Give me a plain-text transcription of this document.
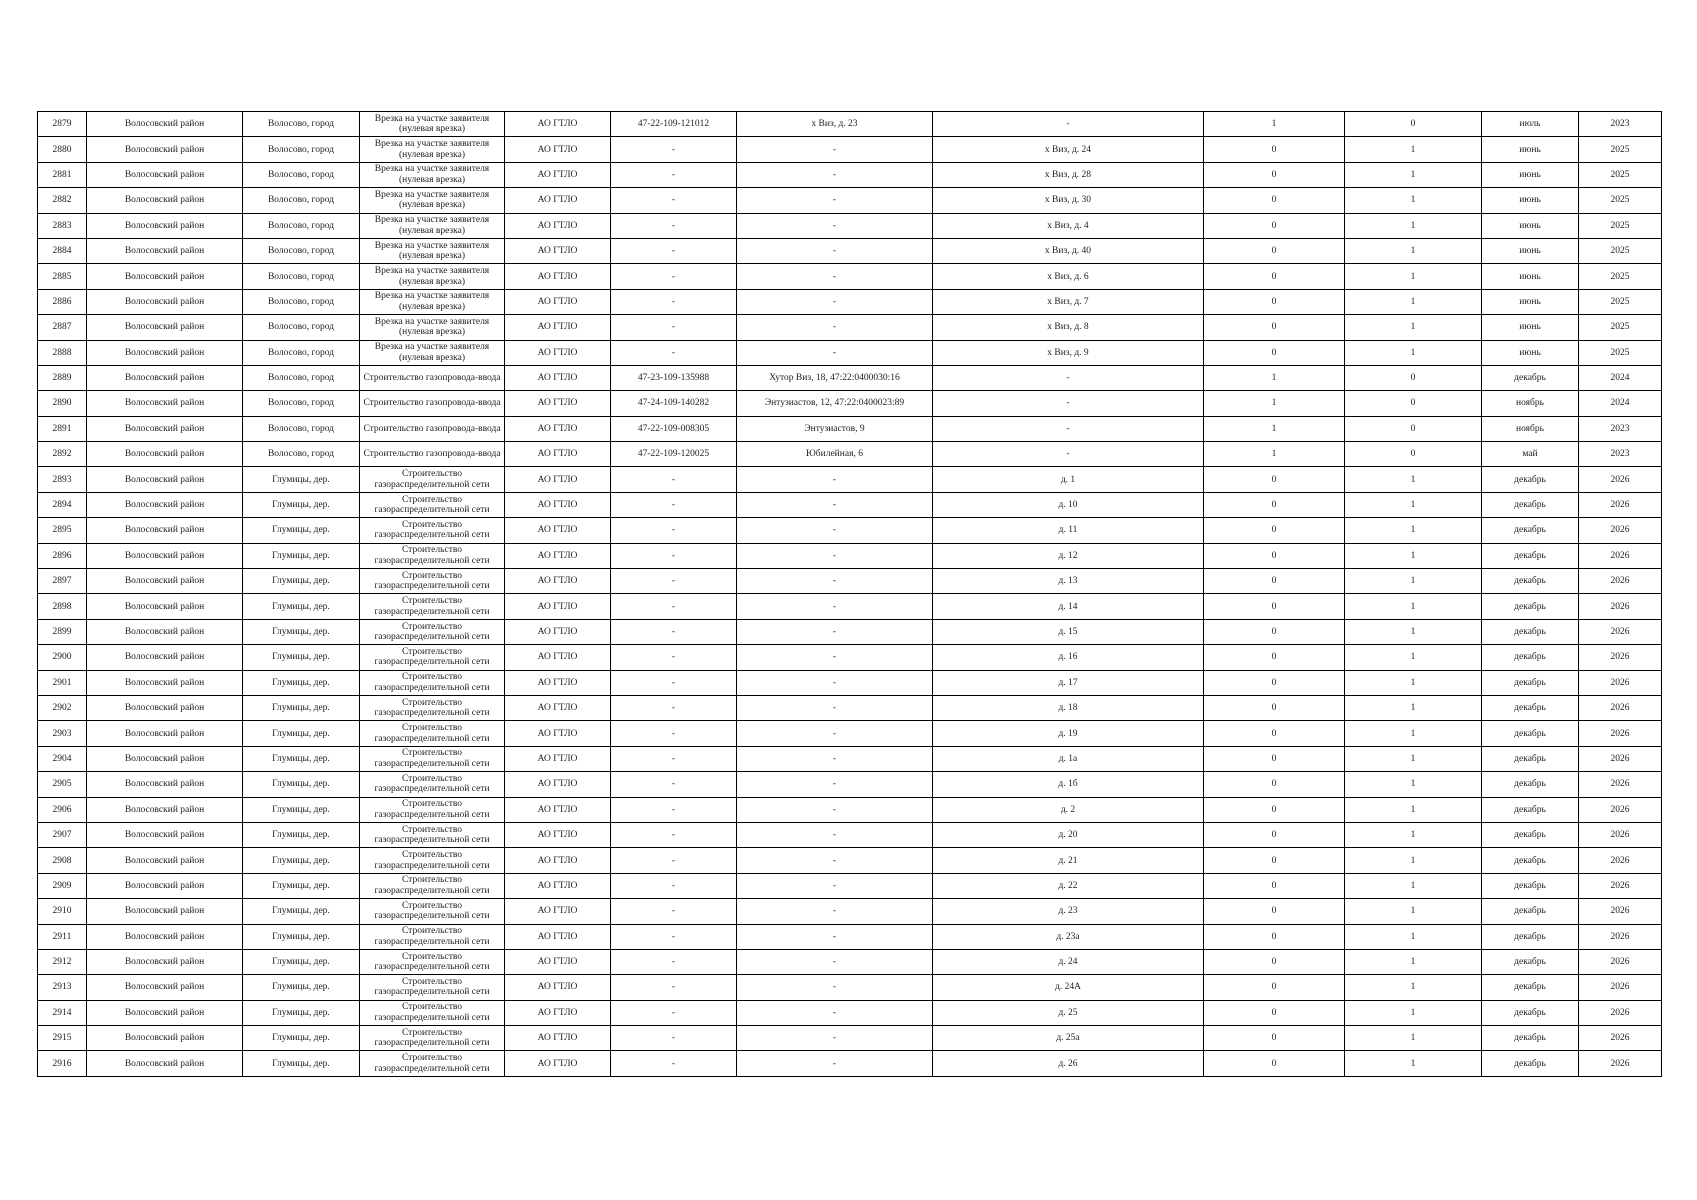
2879	Волосовский район	Волосово, город	Врезка на участке заявителя (нулевая врезка)	АО ГТЛО	47-22-109-121012	х Виз, д. 23	-	1	0	июль	2023
2880	Волосовский район	Волосово, город	Врезка на участке заявителя (нулевая врезка)	АО ГТЛО	-	-	х Виз, д. 24	0	1	июнь	2025
2881	Волосовский район	Волосово, город	Врезка на участке заявителя (нулевая врезка)	АО ГТЛО	-	-	х Виз, д. 28	0	1	июнь	2025
2882	Волосовский район	Волосово, город	Врезка на участке заявителя (нулевая врезка)	АО ГТЛО	-	-	х Виз, д. 30	0	1	июнь	2025
2883	Волосовский район	Волосово, город	Врезка на участке заявителя (нулевая врезка)	АО ГТЛО	-	-	х Виз, д. 4	0	1	июнь	2025
2884	Волосовский район	Волосово, город	Врезка на участке заявителя (нулевая врезка)	АО ГТЛО	-	-	х Виз, д. 40	0	1	июнь	2025
2885	Волосовский район	Волосово, город	Врезка на участке заявителя (нулевая врезка)	АО ГТЛО	-	-	х Виз, д. 6	0	1	июнь	2025
2886	Волосовский район	Волосово, город	Врезка на участке заявителя (нулевая врезка)	АО ГТЛО	-	-	х Виз, д. 7	0	1	июнь	2025
2887	Волосовский район	Волосово, город	Врезка на участке заявителя (нулевая врезка)	АО ГТЛО	-	-	х Виз, д. 8	0	1	июнь	2025
2888	Волосовский район	Волосово, город	Врезка на участке заявителя (нулевая врезка)	АО ГТЛО	-	-	х Виз, д. 9	0	1	июнь	2025
2889	Волосовский район	Волосово, город	Строительство газопровода-ввода	АО ГТЛО	47-23-109-135988	Хутор Виз, 18, 47:22:0400030:16	-	1	0	декабрь	2024
2890	Волосовский район	Волосово, город	Строительство газопровода-ввода	АО ГТЛО	47-24-109-140282	Энтузиастов, 12, 47:22:0400023:89	-	1	0	ноябрь	2024
2891	Волосовский район	Волосово, город	Строительство газопровода-ввода	АО ГТЛО	47-22-109-008305	Энтузиастов, 9	-	1	0	ноябрь	2023
2892	Волосовский район	Волосово, город	Строительство газопровода-ввода	АО ГТЛО	47-22-109-120025	Юбилейная, 6	-	1	0	май	2023
2893	Волосовский район	Глумицы, дер.	Строительство газораспределительной сети	АО ГТЛО	-	-	д. 1	0	1	декабрь	2026
2894	Волосовский район	Глумицы, дер.	Строительство газораспределительной сети	АО ГТЛО	-	-	д. 10	0	1	декабрь	2026
2895	Волосовский район	Глумицы, дер.	Строительство газораспределительной сети	АО ГТЛО	-	-	д. 11	0	1	декабрь	2026
2896	Волосовский район	Глумицы, дер.	Строительство газораспределительной сети	АО ГТЛО	-	-	д. 12	0	1	декабрь	2026
2897	Волосовский район	Глумицы, дер.	Строительство газораспределительной сети	АО ГТЛО	-	-	д. 13	0	1	декабрь	2026
2898	Волосовский район	Глумицы, дер.	Строительство газораспределительной сети	АО ГТЛО	-	-	д. 14	0	1	декабрь	2026
2899	Волосовский район	Глумицы, дер.	Строительство газораспределительной сети	АО ГТЛО	-	-	д. 15	0	1	декабрь	2026
2900	Волосовский район	Глумицы, дер.	Строительство газораспределительной сети	АО ГТЛО	-	-	д. 16	0	1	декабрь	2026
2901	Волосовский район	Глумицы, дер.	Строительство газораспределительной сети	АО ГТЛО	-	-	д. 17	0	1	декабрь	2026
2902	Волосовский район	Глумицы, дер.	Строительство газораспределительной сети	АО ГТЛО	-	-	д. 18	0	1	декабрь	2026
2903	Волосовский район	Глумицы, дер.	Строительство газораспределительной сети	АО ГТЛО	-	-	д. 19	0	1	декабрь	2026
2904	Волосовский район	Глумицы, дер.	Строительство газораспределительной сети	АО ГТЛО	-	-	д. 1а	0	1	декабрь	2026
2905	Волосовский район	Глумицы, дер.	Строительство газораспределительной сети	АО ГТЛО	-	-	д. 1б	0	1	декабрь	2026
2906	Волосовский район	Глумицы, дер.	Строительство газораспределительной сети	АО ГТЛО	-	-	д. 2	0	1	декабрь	2026
2907	Волосовский район	Глумицы, дер.	Строительство газораспределительной сети	АО ГТЛО	-	-	д. 20	0	1	декабрь	2026
2908	Волосовский район	Глумицы, дер.	Строительство газораспределительной сети	АО ГТЛО	-	-	д. 21	0	1	декабрь	2026
2909	Волосовский район	Глумицы, дер.	Строительство газораспределительной сети	АО ГТЛО	-	-	д. 22	0	1	декабрь	2026
2910	Волосовский район	Глумицы, дер.	Строительство газораспределительной сети	АО ГТЛО	-	-	д. 23	0	1	декабрь	2026
2911	Волосовский район	Глумицы, дер.	Строительство газораспределительной сети	АО ГТЛО	-	-	д. 23а	0	1	декабрь	2026
2912	Волосовский район	Глумицы, дер.	Строительство газораспределительной сети	АО ГТЛО	-	-	д. 24	0	1	декабрь	2026
2913	Волосовский район	Глумицы, дер.	Строительство газораспределительной сети	АО ГТЛО	-	-	д. 24А	0	1	декабрь	2026
2914	Волосовский район	Глумицы, дер.	Строительство газораспределительной сети	АО ГТЛО	-	-	д. 25	0	1	декабрь	2026
2915	Волосовский район	Глумицы, дер.	Строительство газораспределительной сети	АО ГТЛО	-	-	д. 25а	0	1	декабрь	2026
2916	Волосовский район	Глумицы, дер.	Строительство газораспределительной сети	АО ГТЛО	-	-	д. 26	0	1	декабрь	2026
